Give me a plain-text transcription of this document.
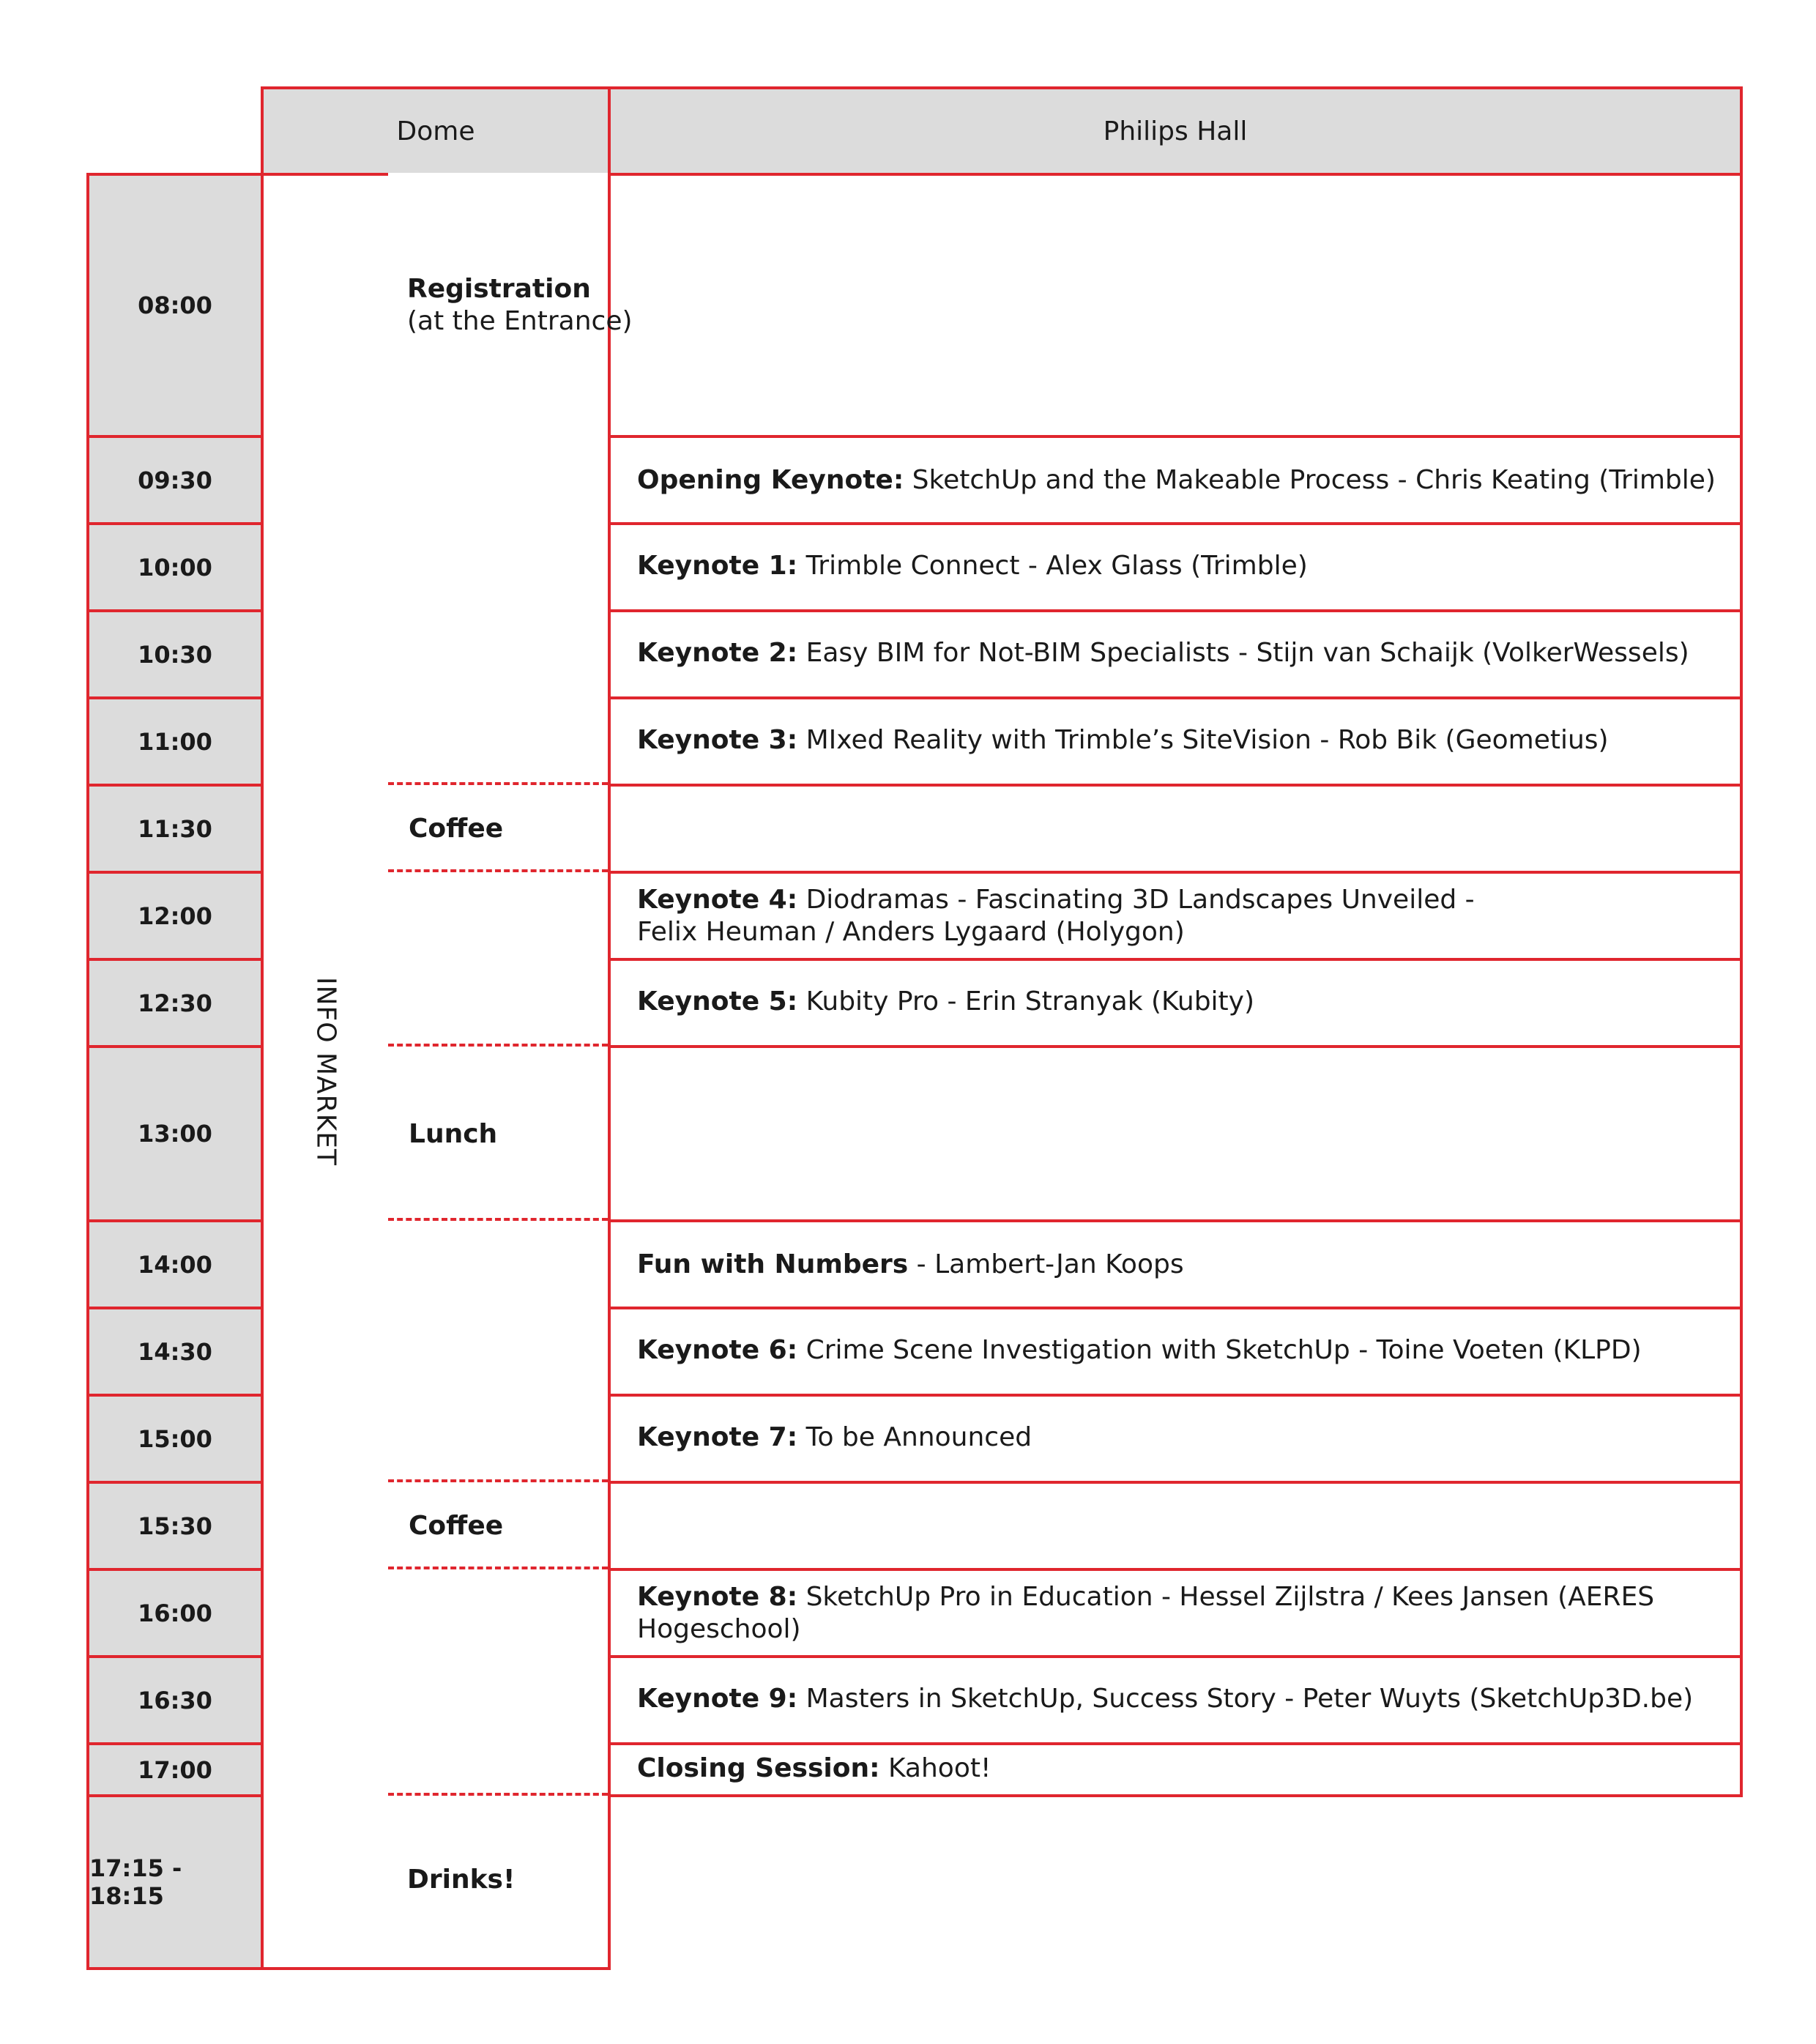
Dome	Philips Hall
08:00
09:30
10:00
10:30
11:00
11:30
12:00
12:30
13:00
14:00
14:30
15:00
15:30
16:00
16:30
17:00
17:15 - 18:15
INFO MARKET
Registration
(at the Entrance)
Opening Keynote: SketchUp and the Makeable Process - Chris Keating (Trimble)
Keynote 1: Trimble Connect - Alex Glass (Trimble)
Keynote 2: Easy BIM for Not-BIM Specialists - Stijn van Schaijk (VolkerWessels)
Keynote 3: MIxed Reality with Trimble’s SiteVision - Rob Bik (Geometius)
Coffee
Keynote 4: Diodramas - Fascinating 3D Landscapes Unveiled -
Felix Heuman / Anders Lygaard (Holygon)
Keynote 5: Kubity Pro - Erin Stranyak (Kubity)
Lunch
Fun with Numbers - Lambert-Jan Koops
Keynote 6: Crime Scene Investigation with SketchUp - Toine Voeten (KLPD)
Keynote 7: To be Announced
Coffee
Keynote 8: SketchUp Pro in Education - Hessel Zijlstra / Kees Jansen (AERES Hogeschool)
Keynote 9: Masters in SketchUp, Success Story - Peter Wuyts (SketchUp3D.be)
Closing Session: Kahoot!
Drinks!
